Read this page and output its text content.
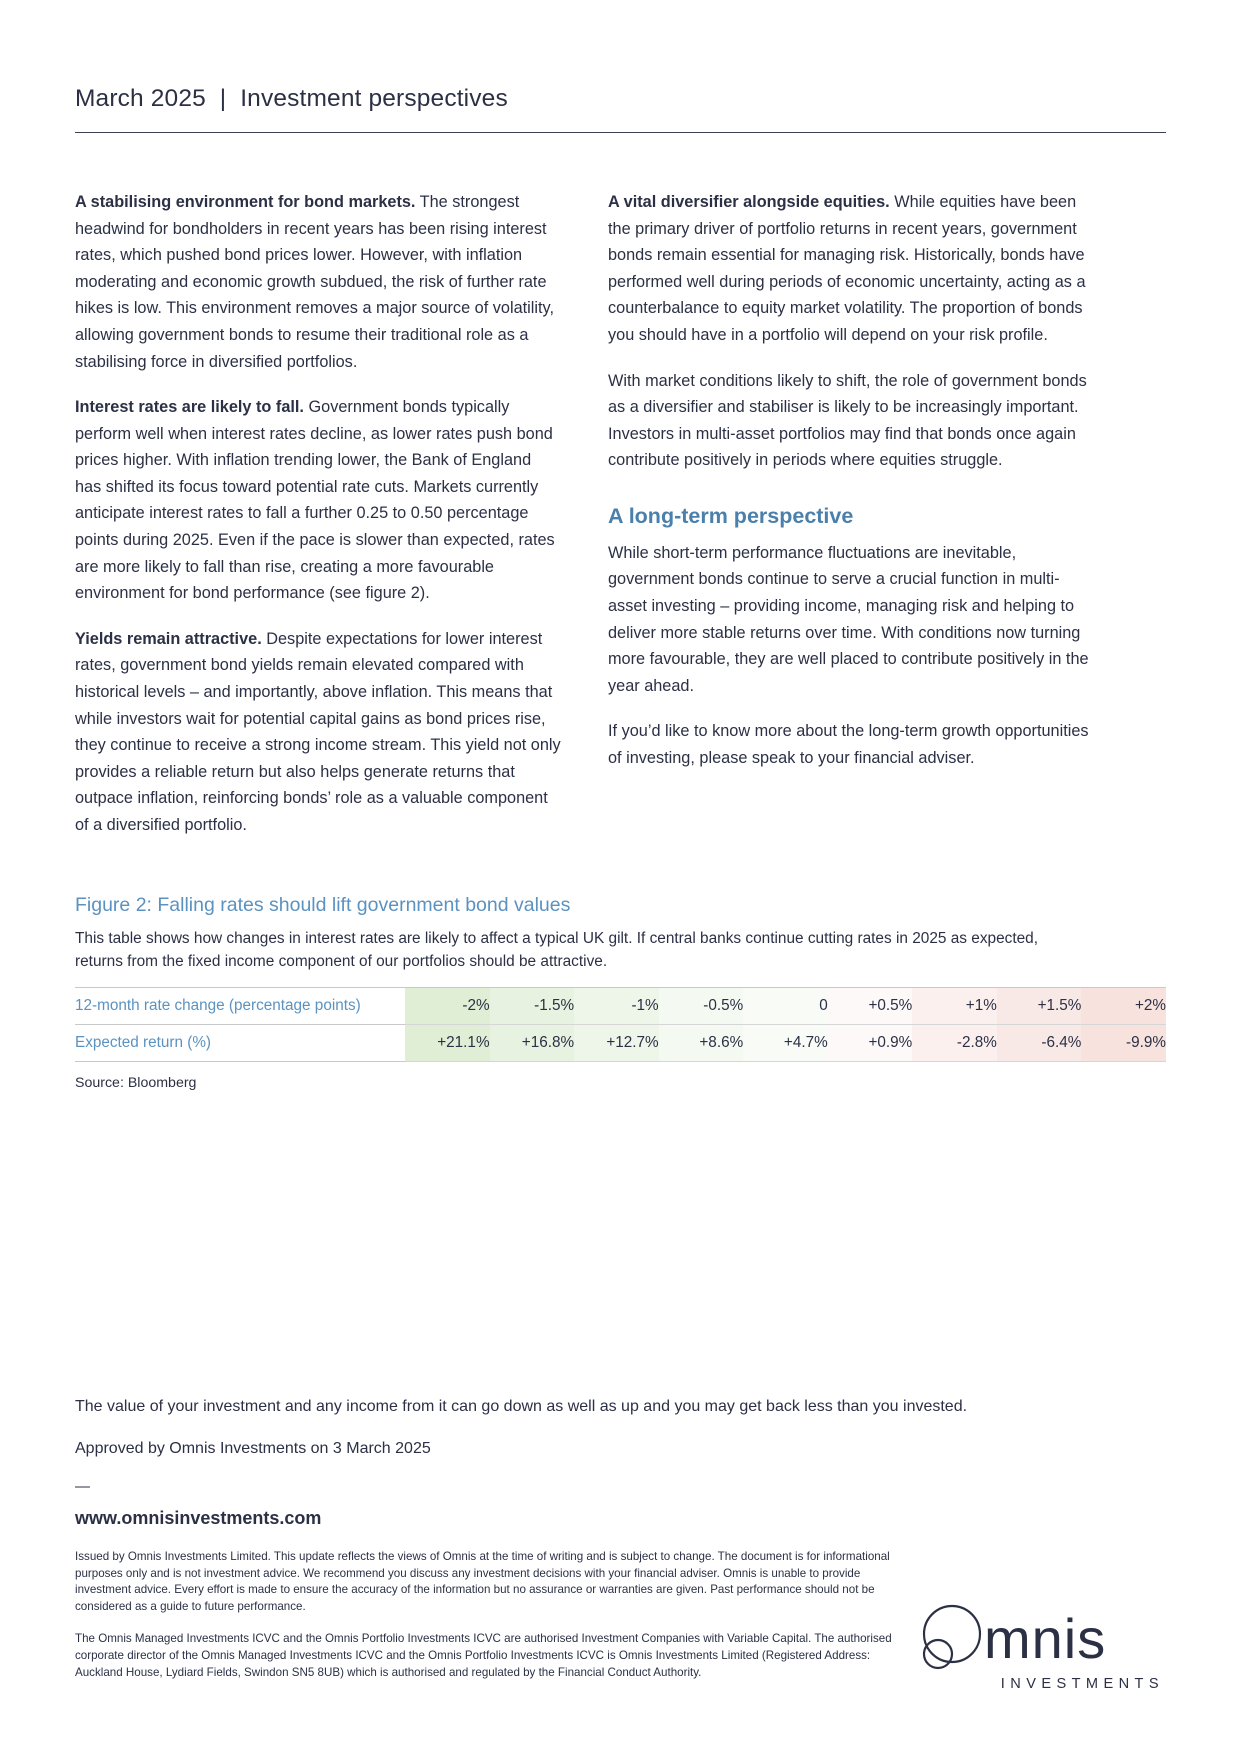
March 2025  |  Investment perspectives

A stabilising environment for bond markets. The strongest headwind for bondholders in recent years has been rising interest rates, which pushed bond prices lower. However, with inflation moderating and economic growth subdued, the risk of further rate hikes is low. This environment removes a major source of volatility, allowing government bonds to resume their traditional role as a stabilising force in diversified portfolios.

Interest rates are likely to fall. Government bonds typically perform well when interest rates decline, as lower rates push bond prices higher. With inflation trending lower, the Bank of England has shifted its focus toward potential rate cuts. Markets currently anticipate interest rates to fall a further 0.25 to 0.50 percentage points during 2025. Even if the pace is slower than expected, rates are more likely to fall than rise, creating a more favourable environment for bond performance (see figure 2).

Yields remain attractive. Despite expectations for lower interest rates, government bond yields remain elevated compared with historical levels – and importantly, above inflation. This means that while investors wait for potential capital gains as bond prices rise, they continue to receive a strong income stream. This yield not only provides a reliable return but also helps generate returns that outpace inflation, reinforcing bonds’ role as a valuable component of a diversified portfolio.

A vital diversifier alongside equities. While equities have been the primary driver of portfolio returns in recent years, government bonds remain essential for managing risk. Historically, bonds have performed well during periods of economic uncertainty, acting as a counterbalance to equity market volatility. The proportion of bonds you should have in a portfolio will depend on your risk profile.

With market conditions likely to shift, the role of government bonds as a diversifier and stabiliser is likely to be increasingly important. Investors in multi-asset portfolios may find that bonds once again contribute positively in periods where equities struggle.

A long-term perspective

While short-term performance fluctuations are inevitable, government bonds continue to serve a crucial function in multi-asset investing – providing income, managing risk and helping to deliver more stable returns over time. With conditions now turning more favourable, they are well placed to contribute positively in the year ahead.

If you’d like to know more about the long-term growth opportunities of investing, please speak to your financial adviser.

Figure 2: Falling rates should lift government bond values
This table shows how changes in interest rates are likely to affect a typical UK gilt. If central banks continue cutting rates in 2025 as expected, returns from the fixed income component of our portfolios should be attractive.
12-month rate change (percentage points)	-2%	-1.5%	-1%	-0.5%	0	+0.5%	+1%	+1.5%	+2%
Expected return (%)	+21.1%	+16.8%	+12.7%	+8.6%	+4.7%	+0.9%	-2.8%	-6.4%	-9.9%
Source: Bloomberg

The value of your investment and any income from it can go down as well as up and you may get back less than you invested.

Approved by Omnis Investments on 3 March 2025

—
www.omnisinvestments.com

Issued by Omnis Investments Limited. This update reflects the views of Omnis at the time of writing and is subject to change. The document is for informational purposes only and is not investment advice. We recommend you discuss any investment decisions with your financial adviser. Omnis is unable to provide investment advice. Every effort is made to ensure the accuracy of the information but no assurance or warranties are given. Past performance should not be considered as a guide to future performance.

The Omnis Managed Investments ICVC and the Omnis Portfolio Investments ICVC are authorised Investment Companies with Variable Capital. The authorised corporate director of the Omnis Managed Investments ICVC and the Omnis Portfolio Investments ICVC is Omnis Investments Limited (Registered Address: Auckland House, Lydiard Fields, Swindon SN5 8UB) which is authorised and regulated by the Financial Conduct Authority.

mnis
INVESTMENTS
